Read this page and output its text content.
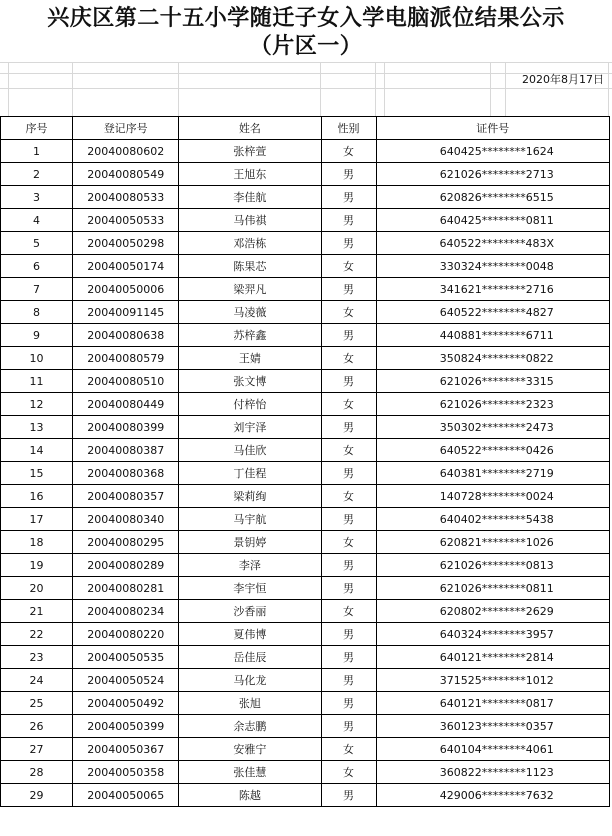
兴庆区第二十五小学随迁子女入学电脑派位结果公示
（片区一）
2020年8月17日
序号	登记序号	姓名	性别	证件号
1	20040080602	张梓萱	女	640425********1624
2	20040080549	王旭东	男	621026********2713
3	20040080533	李佳航	男	620826********6515
4	20040050533	马伟祺	男	640425********0811
5	20040050298	邓浩栋	男	640522********483X
6	20040050174	陈果芯	女	330324********0048
7	20040050006	梁羿凡	男	341621********2716
8	20040091145	马凌薇	女	640522********4827
9	20040080638	苏梓鑫	男	440881********6711
10	20040080579	王婧	女	350824********0822
11	20040080510	张文博	男	621026********3315
12	20040080449	付梓怡	女	621026********2323
13	20040080399	刘宇泽	男	350302********2473
14	20040080387	马佳欣	女	640522********0426
15	20040080368	丁佳程	男	640381********2719
16	20040080357	梁莉绚	女	140728********0024
17	20040080340	马宇航	男	640402********5438
18	20040080295	景钥婷	女	620821********1026
19	20040080289	李泽	男	621026********0813
20	20040080281	李宇恒	男	621026********0811
21	20040080234	沙香丽	女	620802********2629
22	20040080220	夏伟博	男	640324********3957
23	20040050535	岳佳辰	男	640121********2814
24	20040050524	马化龙	男	371525********1012
25	20040050492	张旭	男	640121********0817
26	20040050399	余志鹏	男	360123********0357
27	20040050367	安雅宁	女	640104********4061
28	20040050358	张佳慧	女	360822********1123
29	20040050065	陈越	男	429006********7632
